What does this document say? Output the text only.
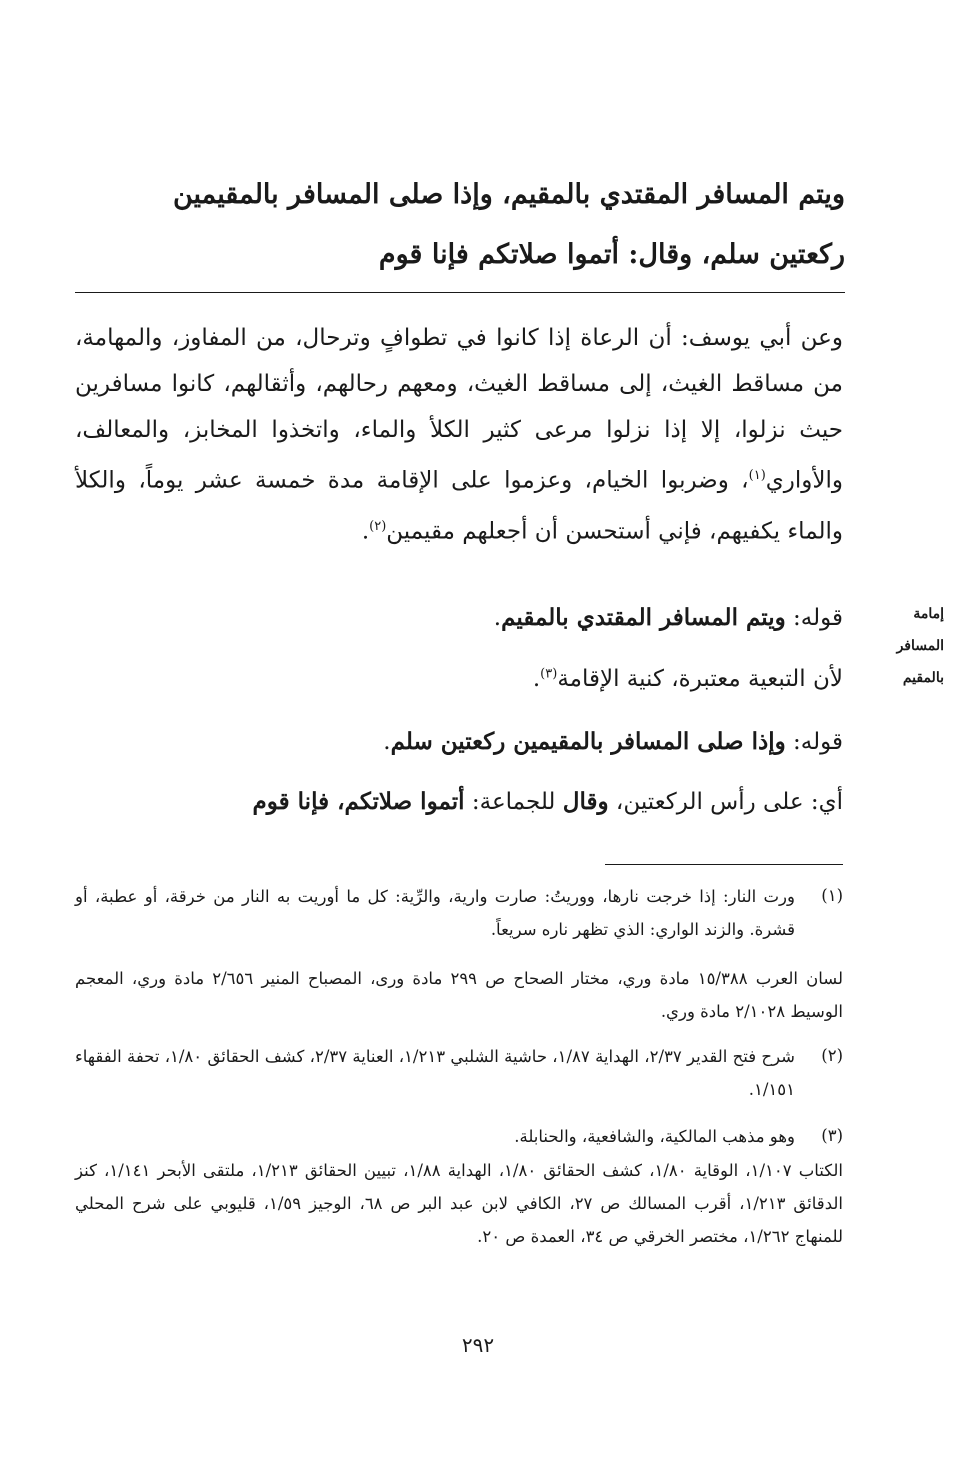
ويتم المسافر المقتدي بالمقيم، وإذا صلى المسافر بالمقيمين
ركعتين سلم، وقال: أتموا صلاتكم فإنا قوم
وعن أبي يوسف: أن الرعاة إذا كانوا في تطوافٍ وترحال، من المفاوز، والمهامة، من مساقط الغيث، إلى مساقط الغيث، ومعهم رحالهم، وأثقالهم، كانوا مسافرين حيث نزلوا، إلا إذا نزلوا مرعى كثير الكلأ والماء، واتخذوا المخابز، والمعالف، والأواري$^{(١)}$، وضربوا الخيام، وعزموا على الإقامة مدة خمسة عشر يوماً، والكلأ والماء يكفيهم، فإني أستحسن أن أجعلهم مقيمين$^{(٢)}$.
إمامة
المسافر
بالمقيم
قوله: ويتم المسافر المقتدي بالمقيم.
لأن التبعية معتبرة، كنية الإقامة$^{(٣)}$.
قوله: وإذا صلى المسافر بالمقيمين ركعتين سلم.
أي: على رأس الركعتين، وقال للجماعة: أتموا صلاتكم، فإنا قوم
(١)
ورت النار: إذا خرجت نارها، ووريتُ: صارت وارية، والرِّية: كل ما أوريت به النار من خرقة، أو عطبة، أو قشرة. والزند الواري: الذي تظهر ناره سريعاً.
لسان العرب ١٥/٣٨٨ مادة وري، مختار الصحاح ص ٢٩٩ مادة ورى، المصباح المنير ٢/٦٥٦ مادة وري، المعجم الوسيط ٢/١٠٢٨ مادة وري.
(٢)
شرح فتح القدير ٢/٣٧، الهداية ١/٨٧، حاشية الشلبي ١/٢١٣، العناية ٢/٣٧، كشف الحقائق ١/٨٠، تحفة الفقهاء ١/١٥١.
(٣)
وهو مذهب المالكية، والشافعية، والحنابلة.
الكتاب ١/١٠٧، الوقاية ١/٨٠، كشف الحقائق ١/٨٠، الهداية ١/٨٨، تبيين الحقائق ١/٢١٣، ملتقى الأبحر ١/١٤١، كنز الدقائق ١/٢١٣، أقرب المسالك ص ٢٧، الكافي لابن عبد البر ص ٦٨، الوجيز ١/٥٩، قليوبي على شرح المحلي للمنهاج ١/٢٦٢، مختصر الخرقي ص ٣٤، العمدة ص ٢٠.
٢٩٢
